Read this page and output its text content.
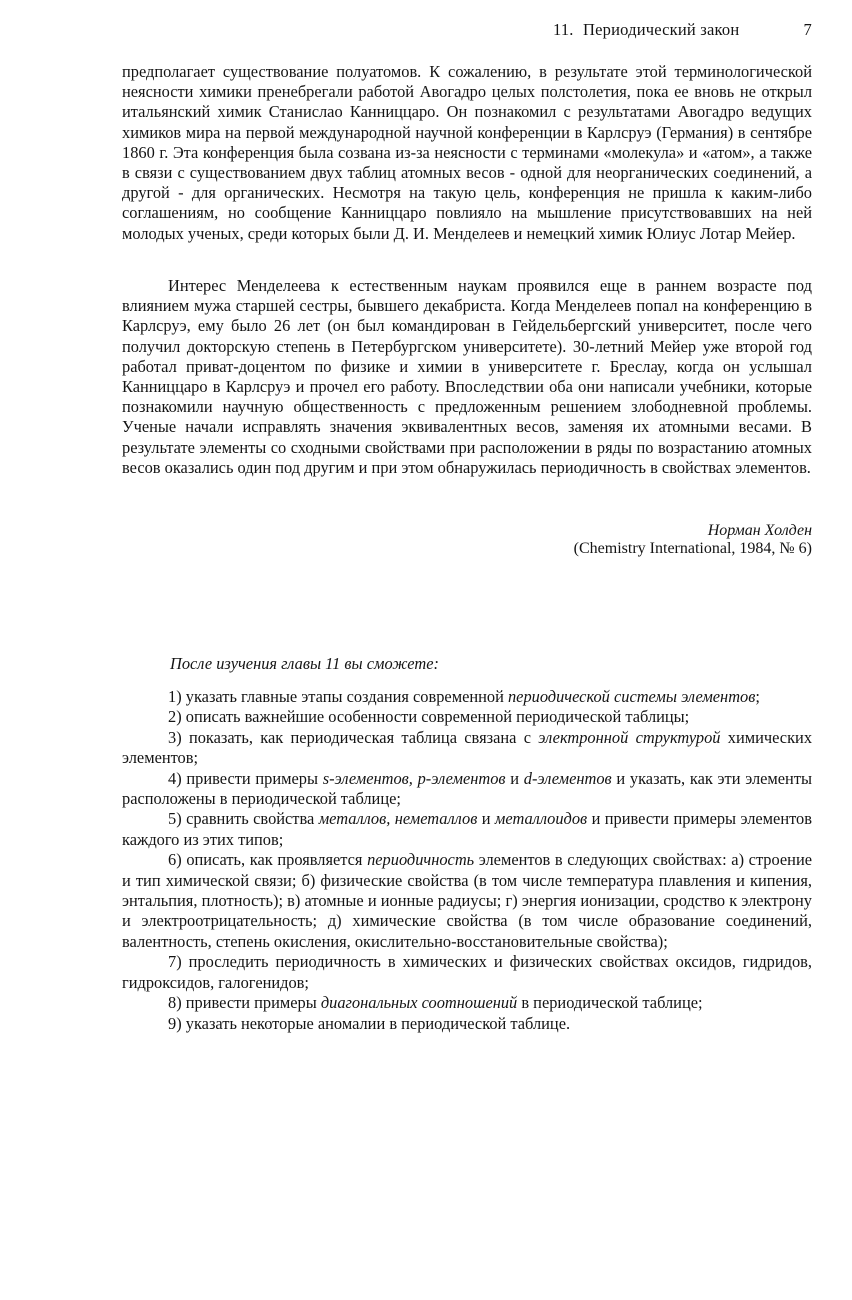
11. Периодический закон	7

предполагает существование полуатомов. К сожалению, в результате этой терминологической неясности химики пренебрегали работой Авогадро целых полстолетия, пока ее вновь не открыл итальянский химик Станислао Канниццаро. Он познакомил с результатами Авогадро ведущих химиков мира на первой международной научной конференции в Карлсруэ (Германия) в сентябре 1860 г. Эта конференция была созвана из-за неясности с терминами «молекула» и «атом», а также в связи с существованием двух таблиц атомных весов - одной для неорганических соединений, а другой - для органических. Несмотря на такую цель, конференция не пришла к каким-либо соглашениям, но сообщение Канниццаро повлияло на мышление присутствовавших на ней молодых ученых, среди которых были Д. И. Менделеев и немецкий химик Юлиус Лотар Мейер.

Интерес Менделеева к естественным наукам проявился еще в раннем возрасте под влиянием мужа старшей сестры, бывшего декабриста. Когда Менделеев попал на конференцию в Карлсруэ, ему было 26 лет (он был командирован в Гейдельбергский университет, после чего получил докторскую степень в Петербургском университете). 30-летний Мейер уже второй год работал приват-доцентом по физике и химии в университете г. Бреслау, когда он услышал Канниццаро в Карлсруэ и прочел его работу. Впоследствии оба они написали учебники, которые познакомили научную общественность с предложенным решением злободневной проблемы. Ученые начали исправлять значения эквивалентных весов, заменяя их атомными весами. В результате элементы со сходными свойствами при расположении в ряды по возрастанию атомных весов оказались один под другим и при этом обнаружилась периодичность в свойствах элементов.

Норман Холден
(Chemistry International, 1984, № 6)
После изучения главы 11 вы сможете:

1) указать главные этапы создания современной периодической системы элементов;

2) описать важнейшие особенности современной периодической таблицы;

3) показать, как периодическая таблица связана с электронной структурой химических элементов;

4) привести примеры s-элементов, p-элементов и d-элементов и указать, как эти элементы расположены в периодической таблице;

5) сравнить свойства металлов, неметаллов и металлоидов и привести примеры элементов каждого из этих типов;

6) описать, как проявляется периодичность элементов в следующих свойствах: а) строение и тип химической связи; б) физические свойства (в том числе температура плавления и кипения, энтальпия, плотность); в) атомные и ионные радиусы; г) энергия ионизации, сродство к электрону и электроотрицательность; д) химические свойства (в том числе образование соединений, валентность, степень окисления, окислительно-восстановительные свойства);

7) проследить периодичность в химических и физических свойствах оксидов, гидридов, гидроксидов, галогенидов;

8) привести примеры диагональных соотношений в периодической таблице;

9) указать некоторые аномалии в периодической таблице.
